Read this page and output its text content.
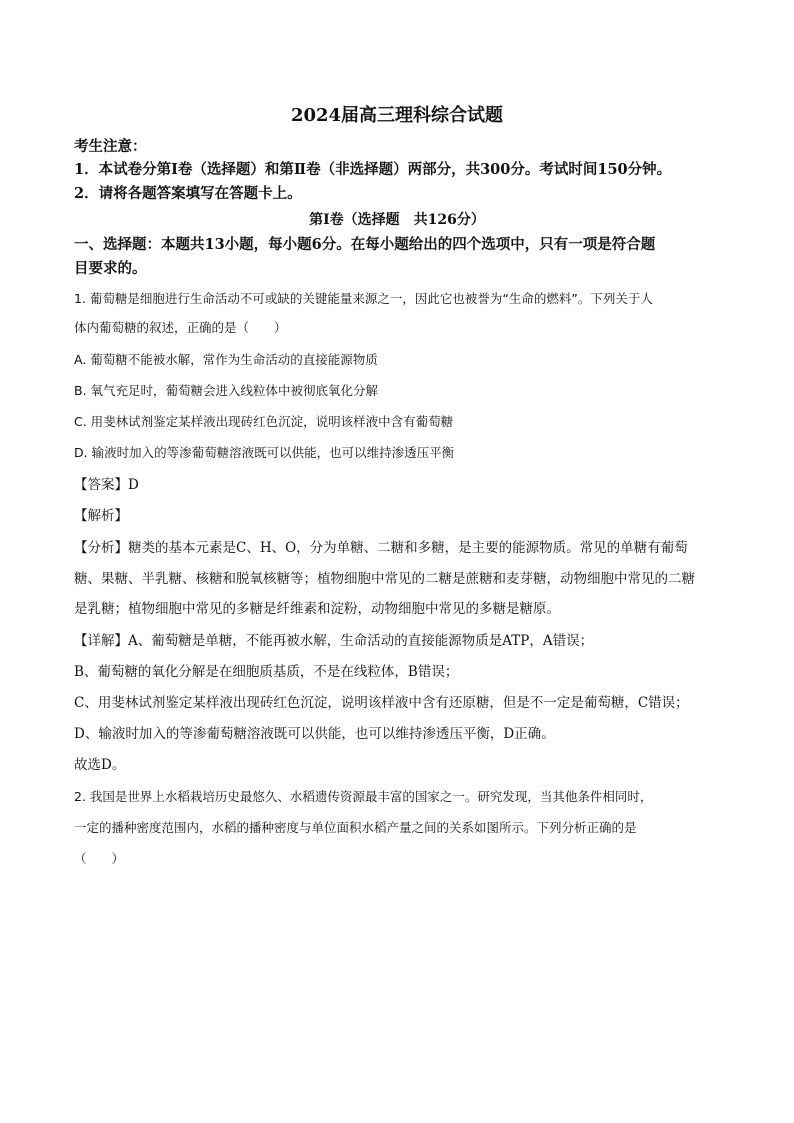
2024届高三理科综合试题
考生注意：
1．本试卷分第Ⅰ卷（选择题）和第Ⅱ卷（非选择题）两部分，共300分。考试时间150分钟。
2．请将各题答案填写在答题卡上。
第Ⅰ卷（选择题　共126分）
一、选择题：本题共13小题，每小题6分。在每小题给出的四个选项中，只有一项是符合题
目要求的。
1. 葡萄糖是细胞进行生命活动不可或缺的关键能量来源之一，因此它也被誉为“生命的燃料”。下列关于人
体内葡萄糖的叙述，正确的是（　　）
A. 葡萄糖不能被水解，常作为生命活动的直接能源物质
B. 氧气充足时，葡萄糖会进入线粒体中被彻底氧化分解
C. 用斐林试剂鉴定某样液出现砖红色沉淀，说明该样液中含有葡萄糖
D. 输液时加入的等渗葡萄糖溶液既可以供能，也可以维持渗透压平衡
【答案】D
【解析】
【分析】糖类的基本元素是C、H、O，分为单糖、二糖和多糖，是主要的能源物质。常见的单糖有葡萄
糖、果糖、半乳糖、核糖和脱氧核糖等；植物细胞中常见的二糖是蔗糖和麦芽糖，动物细胞中常见的二糖
是乳糖；植物细胞中常见的多糖是纤维素和淀粉，动物细胞中常见的多糖是糖原。
【详解】A、葡萄糖是单糖，不能再被水解，生命活动的直接能源物质是ATP，A错误；
B、葡萄糖的氧化分解是在细胞质基质，不是在线粒体，B错误；
C、用斐林试剂鉴定某样液出现砖红色沉淀，说明该样液中含有还原糖，但是不一定是葡萄糖，C错误；
D、输液时加入的等渗葡萄糖溶液既可以供能，也可以维持渗透压平衡，D正确。
故选D。
2. 我国是世界上水稻栽培历史最悠久、水稻遗传资源最丰富的国家之一。研究发现，当其他条件相同时，
一定的播种密度范围内，水稻的播种密度与单位面积水稻产量之间的关系如图所示。下列分析正确的是
（　　）
